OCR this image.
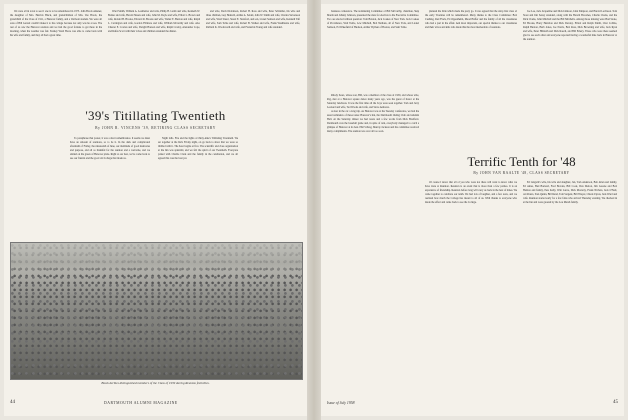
We were all in town to see if one is to be remembered in 1973. John Brock Amener, the daughter of Mrs. Herrick Black, and grandchildren of Mrs. Vee Brock, the grandchild of the Class of 1911, a Hanover family, and a Vermont student. We were all sons of Bill Garrett couldn't make it to the college because not only was he at sea. The rest of us saw the Hanover reunion and we had the good fortune to get there in the morning, when the weather was fair. Stanley Ward Howe was able to come back with his wife and family, and they all had a great time.

Ward Smith, William A. Leadbetter and wife, Philip H. Lamb and wife, Kenneth W. Bomer and wife, Harold Sheets and wife, John M. Doyle and wife, Elliott L. Brown and wife, Ronald H. Brooks, Edward R. Brooks and wife, Walter E. Buxton and wife, Ralph L. Carrington and wife, Gordon Fillmore and wife, William Mccarthy and wife. Also Chester E. Cowles and wife, Dwight Hanson and wife, Ralph Crosby, Alexander Cope, and Rufus Scott with their wives and children attended the dinner.

and wife, David Robinson, Robert H. Ross and wife, Peter Schindler, his wife and three children, Guy Heinold, Arthur A. Seidel, John W. Smith and wife, Charles Stevenson and wife, Ward Stuart, Stuart E. Stanford, and son, Lionel Samson and wife, Kenneth Taft and wife, Sam Tobie and wife, Robert B. Walker and wife, Frank Washburne and wife, Richard K. Woodworth and wife, and Frederick Young and wife attended.

'39's Titillating Twentieth
By JOHN R. VINCENS '39, RETIRING CLASS SECRETARY

To paraphrase that poster, it was a short remembrance. It seems we must have an amount of reunions, so to be it. In the dark and complicated aftermath of Friday, the nineteenth of June, our multitude of good memories and purpose, and all so thankful for the reunion and a welcome, and we smiled on the green of Hanover plans. Right at our best, we've come back to see our friends and the good old College that made us.

Night falls. Fire and the lights of thirty-nine's Titillating Twentieth. We sat together at the Inn's Friday night, on go back to show that we were so thrilled with it. The hour begins at five. The scientific and class organization at the Inn was splendid, and we felt the spirit of our Twentieth. Everyone joined with Charlie Clark and the family in the celebration, and we all agreed this was the best yet.

Black derbies distinguished members of the Class of 1939 during Reunion festivities.
44	DARTMOUTH ALUMNI MAGAZINE

business conference. The nominating Committee of Bill McCarthy, chairman, Skip Marsh and Johnny Johnson, presented the slate for election to the Executive Committee. Two are elected without question: Tom Buxton, Jack Coakes of New York. Jack Coakes of Providence, Walt Tuttle, Lew Mitchell, Bob Nathans, all of New York, and Lionel Samson, Ed Wakefield of Hudson, Arthur Wyman of Boston, and Sam Tobie.

planned the little which made the party go. It was agreed that the sixty-first class of the early Twenties will be remembered. Many thanks to the Class Committee: Bob Cushing, Red Flack, Ed Oppenheim, Mead Hoffer and the family of all the classmates who had a part in the affair. And most important, our special thanks to our classmates and their wives and kids who made this the most memorable of reunions.

Joe Lee, Jack Jacqueline and Dick Johnson, John Simpson, and Harold Levinson. Tom Stout and Jim Seney attended, along with the Harold Broomes, Charlie Clarks, and the Dick Clarks, John Mitchell and the Bill Mitchells. Among those missing were Bud Stone, Ed Brooks, Harry Herndon and Dick Dawley. Elliott and Ralph Smith, Chet Collins, Ralph Buxton, Herb Jones, Joe Norris, Bob Ross, Dick Browning and wife, Jack Ryan and wife, Peter Hildreth and Dick Rauch, and Bill Emery. Those who were there seemed glad to see each other and everyone reported having a wonderful time back in Hanover at the reunion.

Rhody Sears, whose son, Bill, was a member of the class of 1959, and whose wife, Peg, met at a Hanover square dance many years ago, was the guest of honor at the Saturday luncheon. It was the first time all the boys were seen together. Tom and Jerry Leonard and wife, Ted Woods and wife, and Steve Andrews.

A doer in the car a long trip. As Hanover was at the Tuesday conference, we had the usual reminders of these tasks: Hanover's Inn, the Dartmouth Outing Club and Alumni Hall. At the Saturday dinner we had toasts and a few words from Dick Bradford. Dartmouth won the baseball game and, in spite of rain, everybody managed to catch a glimpse of Hanover at its best. Phil Schrag, Murray Jackson and the committee received many compliments. The reunion was over all too soon.

Terrific Tenth for '48
By JOHN VAN RAALTE '48, CLASS SECRETARY

Of course I know that all of you who were not there will want to know what we have done at Reunion. Reunion is an event that is more than a few parties. It is an experience of friendship. Reunion before long will carry us back in the best of times. We came together to celebrate our tenth. We had lots of laughter, and a few tears, and we realized how much the College has meant to all of us. With thanks to everyone who made the effort and came back to see the College.

Ed Gingold's wife, his wife and daughter, Jan, Tom Anderson, Bob Allen and family, Ed Ames, Bud Barnard, Fred Bowles, Bill Cook, Dan Dutton, Jim Greene and Bob Hanlon and family, Pete Kelly, Walt Lance, Dick Moriarty, Frank Nichols, Jack O'Neil, Art Peters, Stan Quinn, Bill Rand, Tom Sargent, Bill Thayer, Chuck Upton, Jack Ward and wife. Reunion started early for a few folks who arrived Thursday evening. We checked in at the Inn and were greeted by the Lou Marsh family.

Issue of July 1958	45
